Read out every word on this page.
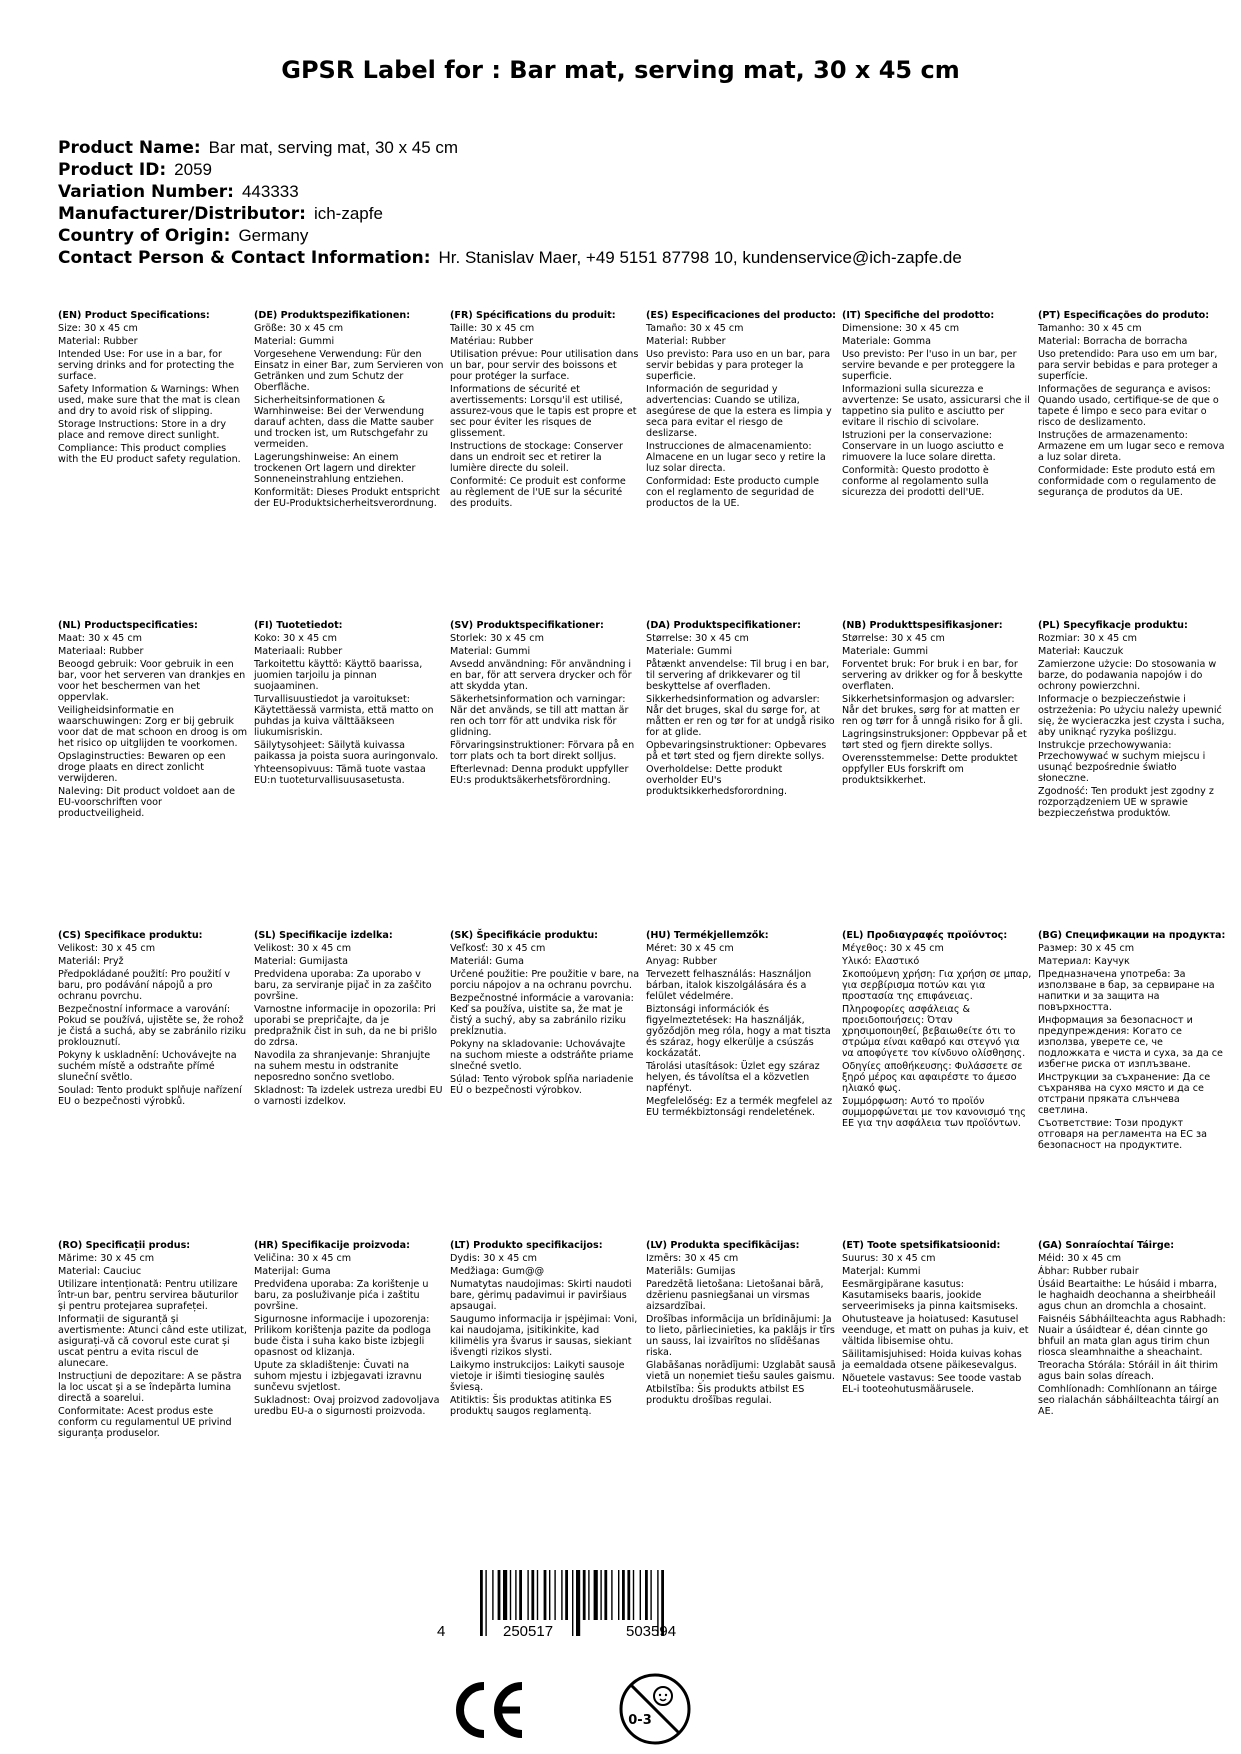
GPSR Label for : Bar mat, serving mat, 30 x 45 cm
Product Name: Bar mat, serving mat, 30 x 45 cm
Product ID: 2059
Variation Number: 443333
Manufacturer/Distributor: ich-zapfe
Country of Origin: Germany
Contact Person & Contact Information: Hr. Stanislav Maer, +49 5151 87798 10, kundenservice@ich-zapfe.de
(EN) Product Specifications:
Size: 30 x 45 cm
Material: Rubber
Intended Use: For use in a bar, for serving drinks and for protecting the surface.
Safety Information & Warnings: When used, make sure that the mat is clean and dry to avoid risk of slipping.
Storage Instructions: Store in a dry place and remove direct sunlight.
Compliance: This product complies with the EU product safety regulation.
(DE) Produktspezifikationen:
Größe: 30 x 45 cm
Material: Gummi
Vorgesehene Verwendung: Für den Einsatz in einer Bar, zum Servieren von Getränken und zum Schutz der Oberfläche.
Sicherheitsinformationen & Warnhinweise: Bei der Verwendung darauf achten, dass die Matte sauber und trocken ist, um Rutschgefahr zu vermeiden.
Lagerungshinweise: An einem trockenen Ort lagern und direkter Sonneneinstrahlung entziehen.
Konformität: Dieses Produkt entspricht der EU-Produktsicherheitsverordnung.
(FR) Spécifications du produit:
Taille: 30 x 45 cm
Matériau: Rubber
Utilisation prévue: Pour utilisation dans un bar, pour servir des boissons et pour protéger la surface.
Informations de sécurité et avertissements: Lorsqu'il est utilisé, assurez-vous que le tapis est propre et sec pour éviter les risques de glissement.
Instructions de stockage: Conserver dans un endroit sec et retirer la lumière directe du soleil.
Conformité: Ce produit est conforme au règlement de l'UE sur la sécurité des produits.
(ES) Especificaciones del producto:
Tamaño: 30 x 45 cm
Material: Rubber
Uso previsto: Para uso en un bar, para servir bebidas y para proteger la superficie.
Información de seguridad y advertencias: Cuando se utiliza, asegúrese de que la estera es limpia y seca para evitar el riesgo de deslizarse.
Instrucciones de almacenamiento: Almacene en un lugar seco y retire la luz solar directa.
Conformidad: Este producto cumple con el reglamento de seguridad de productos de la UE.
(IT) Specifiche del prodotto:
Dimensione: 30 x 45 cm
Materiale: Gomma
Uso previsto: Per l'uso in un bar, per servire bevande e per proteggere la superficie.
Informazioni sulla sicurezza e avvertenze: Se usato, assicurarsi che il tappetino sia pulito e asciutto per evitare il rischio di scivolare.
Istruzioni per la conservazione: Conservare in un luogo asciutto e rimuovere la luce solare diretta.
Conformità: Questo prodotto è conforme al regolamento sulla sicurezza dei prodotti dell'UE.
(PT) Especificações do produto:
Tamanho: 30 x 45 cm
Material: Borracha de borracha
Uso pretendido: Para uso em um bar, para servir bebidas e para proteger a superfície.
Informações de segurança e avisos: Quando usado, certifique-se de que o tapete é limpo e seco para evitar o risco de deslizamento.
Instruções de armazenamento: Armazene em um lugar seco e remova a luz solar direta.
Conformidade: Este produto está em conformidade com o regulamento de segurança de produtos da UE.
(NL) Productspecificaties:
Maat: 30 x 45 cm
Materiaal: Rubber
Beoogd gebruik: Voor gebruik in een bar, voor het serveren van drankjes en voor het beschermen van het oppervlak.
Veiligheidsinformatie en waarschuwingen: Zorg er bij gebruik voor dat de mat schoon en droog is om het risico op uitglijden te voorkomen.
Opslaginstructies: Bewaren op een droge plaats en direct zonlicht verwijderen.
Naleving: Dit product voldoet aan de EU-voorschriften voor productveiligheid.
(FI) Tuotetiedot:
Koko: 30 x 45 cm
Materiaali: Rubber
Tarkoitettu käyttö: Käyttö baarissa, juomien tarjoilu ja pinnan suojaaminen.
Turvallisuustiedot ja varoitukset: Käytettäessä varmista, että matto on puhdas ja kuiva välttääkseen liukumisriskin.
Säilytysohjeet: Säilytä kuivassa paikassa ja poista suora auringonvalo.
Yhteensopivuus: Tämä tuote vastaa EU:n tuoteturvallisuusasetusta.
(SV) Produktspecifikationer:
Storlek: 30 x 45 cm
Material: Gummi
Avsedd användning: För användning i en bar, för att servera drycker och för att skydda ytan.
Säkerhetsinformation och varningar: När det används, se till att mattan är ren och torr för att undvika risk för glidning.
Förvaringsinstruktioner: Förvara på en torr plats och ta bort direkt solljus.
Efterlevnad: Denna produkt uppfyller EU:s produktsäkerhetsförordning.
(DA) Produktspecifikationer:
Størrelse: 30 x 45 cm
Materiale: Gummi
Påtænkt anvendelse: Til brug i en bar, til servering af drikkevarer og til beskyttelse af overfladen.
Sikkerhedsinformation og advarsler: Når det bruges, skal du sørge for, at måtten er ren og tør for at undgå risiko for at glide.
Opbevaringsinstruktioner: Opbevares på et tørt sted og fjern direkte sollys.
Overholdelse: Dette produkt overholder EU's produktsikkerhedsforordning.
(NB) Produkttspesifikasjoner:
Størrelse: 30 x 45 cm
Materiale: Gummi
Forventet bruk: For bruk i en bar, for servering av drikker og for å beskytte overflaten.
Sikkerhetsinformasjon og advarsler: Når det brukes, sørg for at matten er ren og tørr for å unngå risiko for å gli.
Lagringsinstruksjoner: Oppbevar på et tørt sted og fjern direkte sollys.
Overensstemmelse: Dette produktet oppfyller EUs forskrift om produktsikkerhet.
(PL) Specyfikacje produktu:
Rozmiar: 30 x 45 cm
Materiał: Kauczuk
Zamierzone użycie: Do stosowania w barze, do podawania napojów i do ochrony powierzchni.
Informacje o bezpieczeństwie i ostrzeżenia: Po użyciu należy upewnić się, że wycieraczka jest czysta i sucha, aby uniknąć ryzyka poślizgu.
Instrukcje przechowywania: Przechowywać w suchym miejscu i usunąć bezpośrednie światło słoneczne.
Zgodność: Ten produkt jest zgodny z rozporządzeniem UE w sprawie bezpieczeństwa produktów.
(CS) Specifikace produktu:
Velikost: 30 x 45 cm
Materiál: Pryž
Předpokládané použití: Pro použití v baru, pro podávání nápojů a pro ochranu povrchu.
Bezpečnostní informace a varování: Pokud se používá, ujistěte se, že rohož je čistá a suchá, aby se zabránilo riziku proklouznutí.
Pokyny k uskladnění: Uchovávejte na suchém místě a odstraňte přímé sluneční světlo.
Soulad: Tento produkt splňuje nařízení EU o bezpečnosti výrobků.
(SL) Specifikacije izdelka:
Velikost: 30 x 45 cm
Material: Gumijasta
Predvidena uporaba: Za uporabo v baru, za serviranje pijač in za zaščito površine.
Varnostne informacije in opozorila: Pri uporabi se prepričajte, da je predpražnik čist in suh, da ne bi prišlo do zdrsa.
Navodila za shranjevanje: Shranjujte na suhem mestu in odstranite neposredno sončno svetlobo.
Skladnost: Ta izdelek ustreza uredbi EU o varnosti izdelkov.
(SK) Špecifikácie produktu:
Veľkosť: 30 x 45 cm
Materiál: Guma
Určené použitie: Pre použitie v bare, na porciu nápojov a na ochranu povrchu.
Bezpečnostné informácie a varovania: Keď sa používa, uistite sa, že mat je čistý a suchý, aby sa zabránilo riziku prekĺznutia.
Pokyny na skladovanie: Uchovávajte na suchom mieste a odstráňte priame slnečné svetlo.
Súlad: Tento výrobok spĺňa nariadenie EÚ o bezpečnosti výrobkov.
(HU) Termékjellemzők:
Méret: 30 x 45 cm
Anyag: Rubber
Tervezett felhasználás: Használjon bárban, italok kiszolgálására és a felület védelmére.
Biztonsági információk és figyelmeztetések: Ha használják, győződjön meg róla, hogy a mat tiszta és száraz, hogy elkerülje a csúszás kockázatát.
Tárolási utasítások: Üzlet egy száraz helyen, és távolítsa el a közvetlen napfényt.
Megfelelőség: Ez a termék megfelel az EU termékbiztonsági rendeletének.
(EL) Προδιαγραφές προϊόντος:
Μέγεθος: 30 x 45 cm
Υλικό: Ελαστικό
Σκοπούμενη χρήση: Για χρήση σε μπαρ, για σερβίρισμα ποτών και για προστασία της επιφάνειας.
Πληροφορίες ασφάλειας & προειδοποιήσεις: Όταν χρησιμοποιηθεί, βεβαιωθείτε ότι το στρώμα είναι καθαρό και στεγνό για να αποφύγετε τον κίνδυνο ολίσθησης.
Οδηγίες αποθήκευσης: Φυλάσσετε σε ξηρό μέρος και αφαιρέστε το άμεσο ηλιακό φως.
Συμμόρφωση: Αυτό το προϊόν συμμορφώνεται με τον κανονισμό της ΕΕ για την ασφάλεια των προϊόντων.
(BG) Спецификации на продукта:
Размер: 30 x 45 cm
Материал: Каучук
Предназначена употреба: За използване в бар, за сервиране на напитки и за защита на повърхността.
Информация за безопасност и предупреждения: Когато се използва, уверете се, че подложката е чиста и суха, за да се избегне риска от изплъзване.
Инструкции за съхранение: Да се съхранява на сухо място и да се отстрани пряката слънчева светлина.
Съответствие: Този продукт отговаря на регламента на ЕС за безопасност на продуктите.
(RO) Specificații produs:
Mărime: 30 x 45 cm
Material: Cauciuc
Utilizare intenționată: Pentru utilizare într-un bar, pentru servirea băuturilor și pentru protejarea suprafeței.
Informații de siguranță și avertismente: Atunci când este utilizat, asigurați-vă că covorul este curat și uscat pentru a evita riscul de alunecare.
Instrucțiuni de depozitare: A se păstra la loc uscat și a se îndepărta lumina directă a soarelui.
Conformitate: Acest produs este conform cu regulamentul UE privind siguranța produselor.
(HR) Specifikacije proizvoda:
Veličina: 30 x 45 cm
Materijal: Guma
Predviđena uporaba: Za korištenje u baru, za posluživanje pića i zaštitu površine.
Sigurnosne informacije i upozorenja: Prilikom korištenja pazite da podloga bude čista i suha kako biste izbjegli opasnost od klizanja.
Upute za skladištenje: Čuvati na suhom mjestu i izbjegavati izravnu sunčevu svjetlost.
Sukladnost: Ovaj proizvod zadovoljava uredbu EU-a o sigurnosti proizvoda.
(LT) Produkto specifikacijos:
Dydis: 30 x 45 cm
Medžiaga: Gum@@
Numatytas naudojimas: Skirti naudoti bare, gėrimų padavimui ir paviršiaus apsaugai.
Saugumo informacija ir įspėjimai: Voni, kai naudojama, įsitikinkite, kad kilimėlis yra švarus ir sausas, siekiant išvengti rizikos slysti.
Laikymo instrukcijos: Laikyti sausoje vietoje ir išimti tiesioginę saulės šviesą.
Atitiktis: Šis produktas atitinka ES produktų saugos reglamentą.
(LV) Produkta specifikācijas:
Izmērs: 30 x 45 cm
Materiāls: Gumijas
Paredzētā lietošana: Lietošanai bārā, dzērienu pasniegšanai un virsmas aizsardzībai.
Drošības informācija un brīdinājumi: Ja to lieto, pārliecinieties, ka paklājs ir tīrs un sauss, lai izvairītos no slīdēšanas riska.
Glabāšanas norādījumi: Uzglabāt sausā vietā un noņemiet tiešu saules gaismu.
Atbilstība: Šis produkts atbilst ES produktu drošības regulai.
(ET) Toote spetsifikatsioonid:
Suurus: 30 x 45 cm
Materjal: Kummi
Eesmärgipärane kasutus: Kasutamiseks baaris, jookide serveerimiseks ja pinna kaitsmiseks.
Ohutusteave ja hoiatused: Kasutusel veenduge, et matt on puhas ja kuiv, et vältida libisemise ohtu.
Säilitamisjuhised: Hoida kuivas kohas ja eemaldada otsene päikesevalgus.
Nõuetele vastavus: See toode vastab EL-i tooteohutusmäärusele.
(GA) Sonraíochtaí Táirge:
Méid: 30 x 45 cm
Ábhar: Rubber rubair
Úsáid Beartaithe: Le húsáid i mbarra, le haghaidh deochanna a sheirbheáil agus chun an dromchla a chosaint.
Faisnéis Sábháilteachta agus Rabhadh: Nuair a úsáidtear é, déan cinnte go bhfuil an mata glan agus tirim chun riosca sleamhnaithe a sheachaint.
Treoracha Stórála: Stóráil in áit thirim agus bain solas díreach.
Comhlíonadh: Comhlíonann an táirge seo rialachán sábháilteachta táirgí an AE.
4	250517	503594
0-3
